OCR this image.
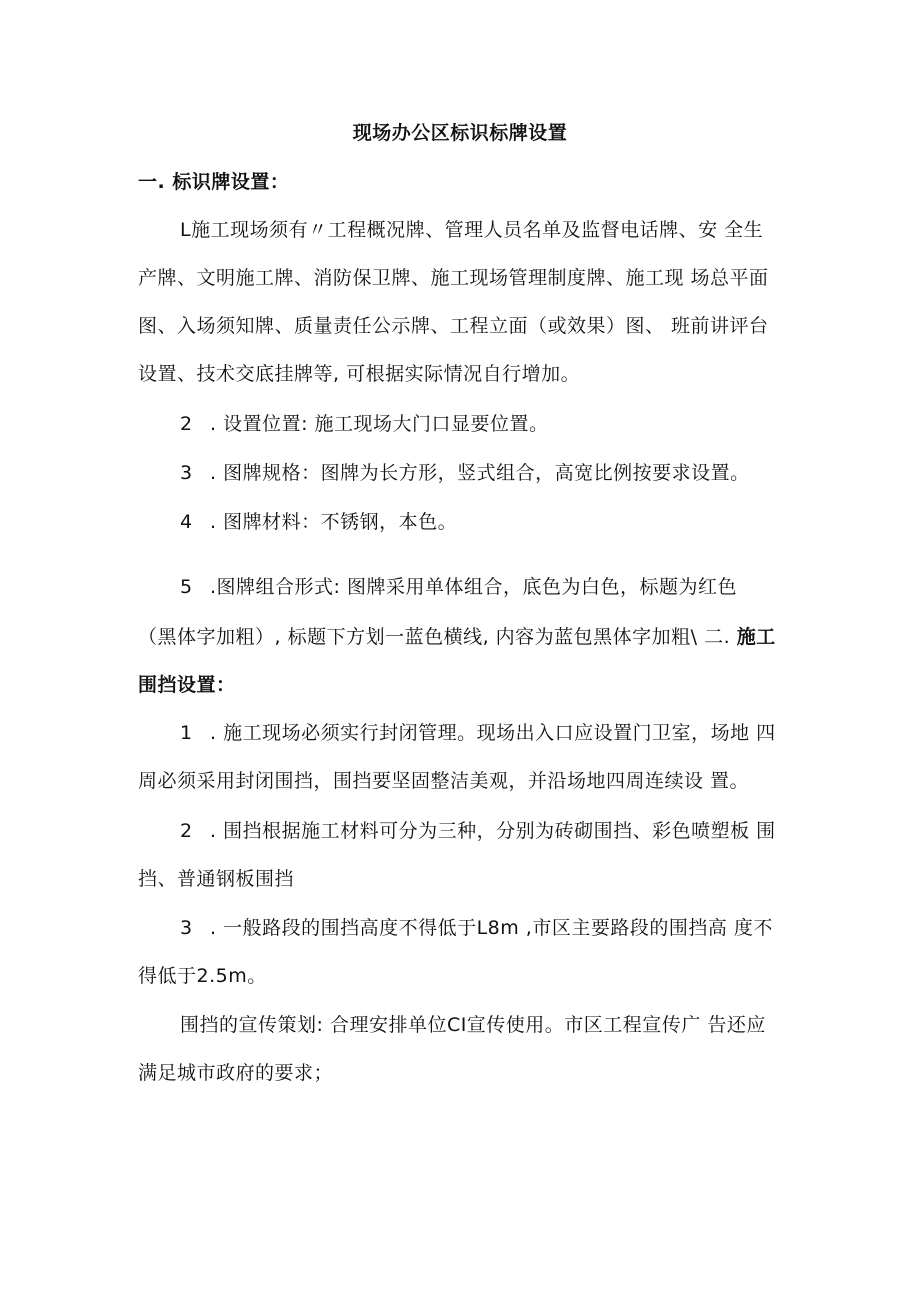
现场办公区标识标牌设置
一. 标识牌设置：
L施工现场须有〃工程概况牌、管理人员名单及监督电话牌、安 全生
产牌、文明施工牌、消防保卫牌、施工现场管理制度牌、施工现 场总平面
图、入场须知牌、质量责任公示牌、工程立面（或效果）图、 班前讲评台
设置、技术交底挂牌等, 可根据实际情况自行增加。
2 . 设置位置: 施工现场大门口显要位置。
3 . 图牌规格：图牌为长方形，竖式组合，高宽比例按要求设置。
4 . 图牌材料：不锈钢，本色。
5 .图牌组合形式: 图牌采用单体组合，底色为白色，标题为红色
（黑体字加粗）, 标题下方划一蓝色横线, 内容为蓝包黑体字加粗\ 二. 施工
围挡设置：
1 . 施工现场必须实行封闭管理。现场出入口应设置门卫室，场地 四
周必须采用封闭围挡，围挡要坚固整洁美观，并沿场地四周连续设 置。
2 . 围挡根据施工材料可分为三种，分别为砖砌围挡、彩色喷塑板 围
挡、普通钢板围挡
3 . 一般路段的围挡高度不得低于L8m ,市区主要路段的围挡高 度不
得低于2.5m。
围挡的宣传策划: 合理安排单位CI宣传使用。市区工程宣传广 告还应
满足城市政府的要求；
